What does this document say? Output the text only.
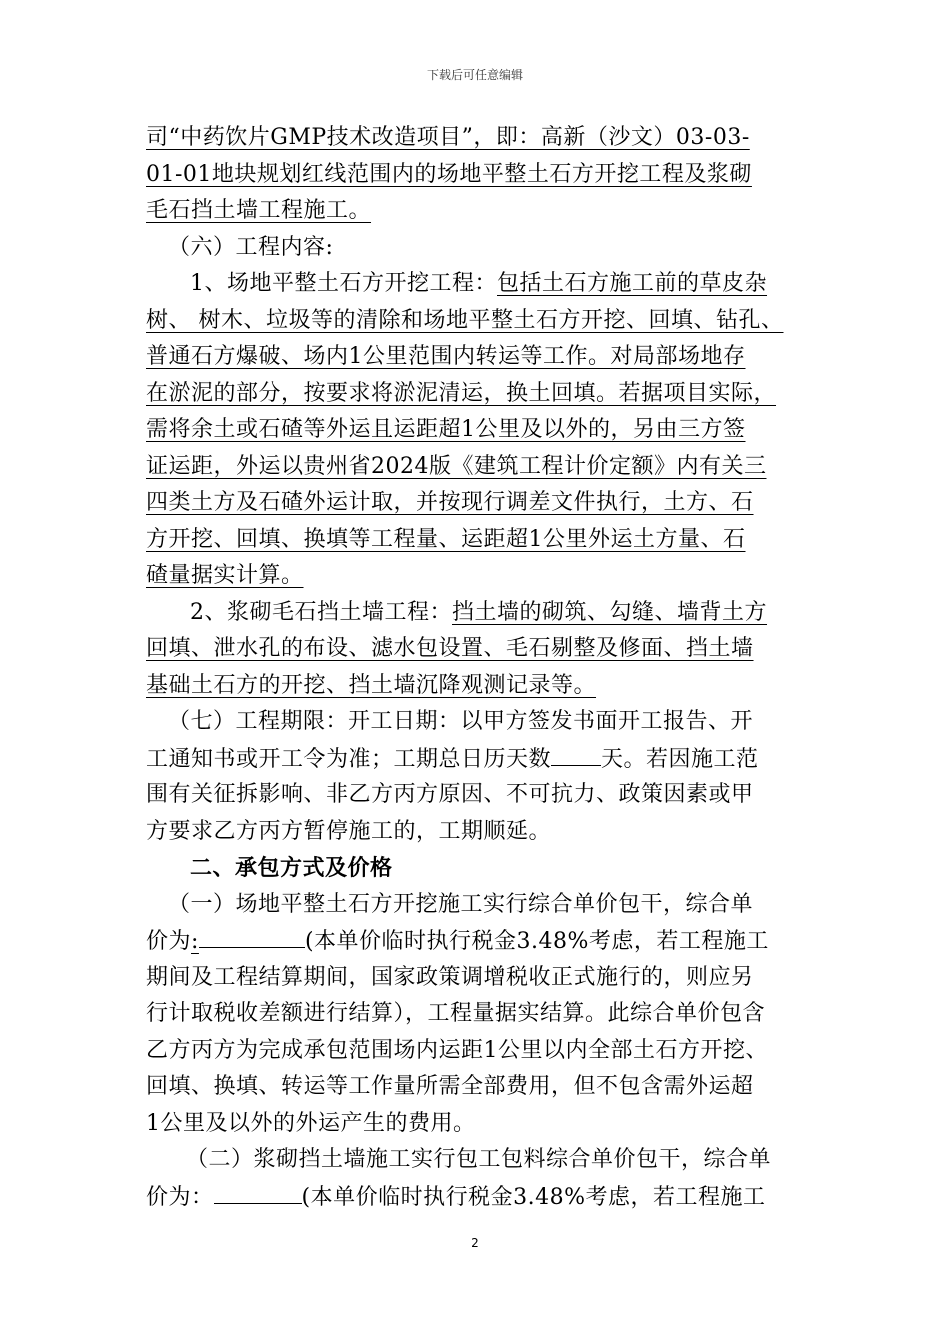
下载后可任意编辑
司“中药饮片GMP技术改造项目”，即：高新（沙文）03-03-
01-01地块规划红线范围内的场地平整土石方开挖工程及浆砌
毛石挡土墙工程施工。
（六）工程内容:
1、场地平整土石方开挖工程：包括土石方施工前的草皮杂
树、 树木、垃圾等的清除和场地平整土石方开挖、回填、钻孔、
普通石方爆破、场内1公里范围内转运等工作。对局部场地存
在淤泥的部分，按要求将淤泥清运，换土回填。若据项目实际，
需将余土或石碴等外运且运距超1公里及以外的，另由三方签
证运距，外运以贵州省2024版《建筑工程计价定额》内有关三
四类土方及石碴外运计取，并按现行调差文件执行，土方、石
方开挖、回填、换填等工程量、运距超1公里外运土方量、石
碴量据实计算。
2、浆砌毛石挡土墙工程：挡土墙的砌筑、勾缝、墙背土方
回填、泄水孔的布设、滤水包设置、毛石剔整及修面、挡土墙
基础土石方的开挖、挡土墙沉降观测记录等。
（七）工程期限：开工日期：以甲方签发书面开工报告、开
工通知书或开工令为准；工期总日历天数 天。若因施工范
围有关征拆影响、非乙方丙方原因、不可抗力、政策因素或甲
方要求乙方丙方暂停施工的，工期顺延。
二、承包方式及价格
（一）场地平整土石方开挖施工实行综合单价包干，综合单
价为:	(本单价临时执行税金3.48%考虑，若工程施工
期间及工程结算期间，国家政策调增税收正式施行的，则应另
行计取税收差额进行结算），工程量据实结算。此综合单价包含
乙方丙方为完成承包范围场内运距1公里以内全部土石方开挖、
回填、换填、转运等工作量所需全部费用，但不包含需外运超
1公里及以外的外运产生的费用。
（二）浆砌挡土墙施工实行包工包料综合单价包干，综合单
价为：	(本单价临时执行税金3.48%考虑，若工程施工
2
